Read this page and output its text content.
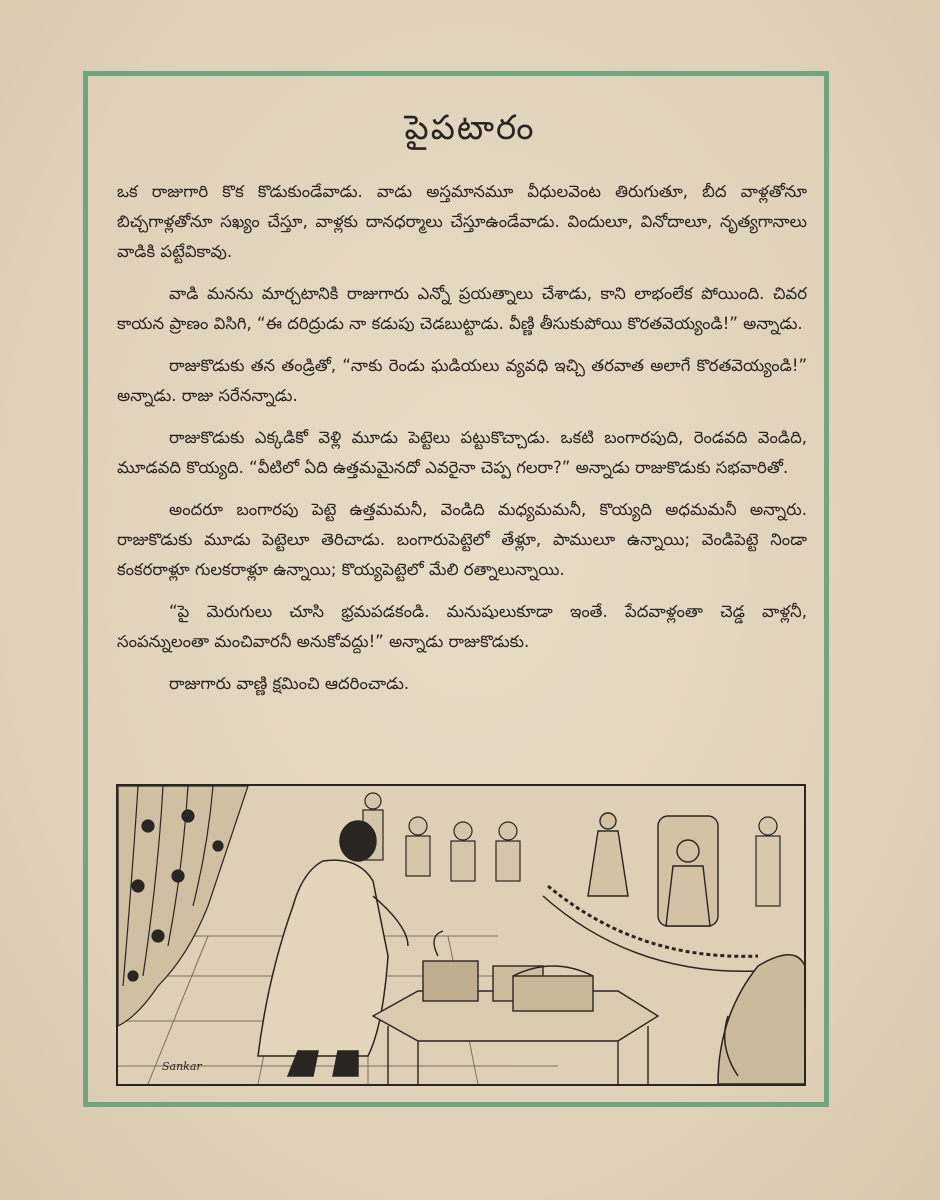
పైపటారం

ఒక రాజుగారి కొక కొడుకుండేవాడు. వాడు అస్తమానమూ వీధులవెంట తిరుగుతూ, బీద వాళ్లతోనూ బిచ్చగాళ్లతోనూ సఖ్యం చేస్తూ, వాళ్లకు దానధర్మాలు చేస్తూఉండేవాడు. విందులూ, వినోదాలూ, నృత్యగానాలు వాడికి పట్టేవికావు.

వాడి మనను మార్చటానికి రాజుగారు ఎన్నో ప్రయత్నాలు చేశాడు, కాని లాభంలేక పోయింది. చివర కాయన ప్రాణం విసిగి, “ఈ దరిద్రుడు నా కడుపు చెడబుట్టాడు. వీణ్ణి తీసుకుపోయి కొరతవెయ్యండి!” అన్నాడు.

రాజుకొడుకు తన తండ్రితో, “నాకు రెండు ఘడియలు వ్యవధి ఇచ్చి తరవాత అలాగే కొరతవెయ్యండి!” అన్నాడు. రాజు సరేనన్నాడు.

రాజుకొడుకు ఎక్కడికో వెళ్లి మూడు పెట్టెలు పట్టుకొచ్చాడు. ఒకటి బంగారపుది, రెండవది వెండిది, మూడవది కొయ్యది. “వీటిలో ఏది ఉత్తమమైనదో ఎవరైనా చెప్ప గలరా?” అన్నాడు రాజుకొడుకు సభవారితో.

అందరూ బంగారపు పెట్టె ఉత్తమమనీ, వెండిది మధ్యమమనీ, కొయ్యది అధమమనీ అన్నారు. రాజుకొడుకు మూడు పెట్టెలూ తెరిచాడు. బంగారుపెట్టెలో తేళ్లూ, పాములూ ఉన్నాయి; వెండిపెట్టె నిండా కంకరరాళ్లూ గులకరాళ్లూ ఉన్నాయి; కొయ్యపెట్టెలో మేలి రత్నాలున్నాయి.

“పై మెరుగులు చూసి భ్రమపడకండి. మనుషులుకూడా ఇంతే. పేదవాళ్లంతా చెడ్డ వాళ్లనీ, సంపన్నులంతా మంచివారనీ అనుకోవద్దు!” అన్నాడు రాజుకొడుకు.

రాజుగారు వాణ్ణి క్షమించి ఆదరించాడు.

Sankar
